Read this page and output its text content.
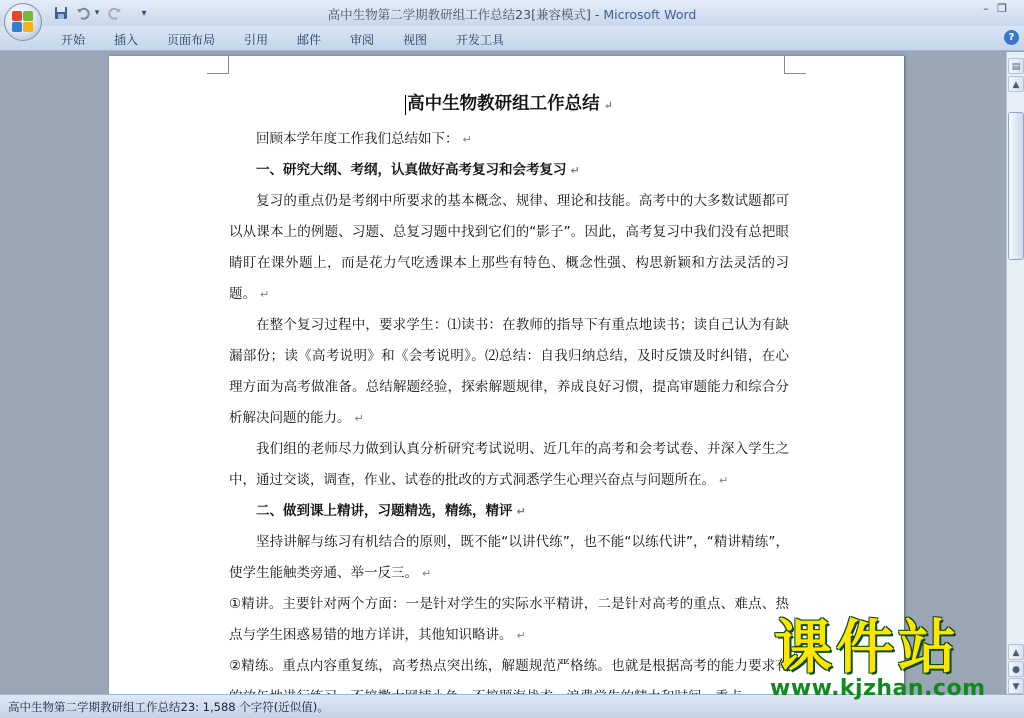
▾	▾	高中生物第二学期教研组工作总结23[兼容模式] - Microsoft Word	– ❐
开始 插入 页面布局 引用 邮件 审阅 视图 开发工具	?
高中生物教研组工作总结 ↵
回顾本学年度工作我们总结如下： ↵
一、研究大纲、考纲，认真做好高考复习和会考复习 ↵
复习的重点仍是考纲中所要求的基本概念、规律、理论和技能。高考中的大多数试题都可以从课本上的例题、习题、总复习题中找到它们的“影子”。因此，高考复习中我们没有总把眼睛盯在课外题上，而是花力气吃透课本上那些有特色、概念性强、构思新颖和方法灵活的习题。 ↵
在整个复习过程中，要求学生：⑴读书：在教师的指导下有重点地读书；读自己认为有缺漏部份；读《高考说明》和《会考说明》。⑵总结：自我归纳总结，及时反馈及时纠错，在心理方面为高考做准备。总结解题经验，探索解题规律，养成良好习惯，提高审题能力和综合分析解决问题的能力。 ↵
我们组的老师尽力做到认真分析研究考试说明、近几年的高考和会考试卷、并深入学生之中，通过交谈，调查，作业、试卷的批改的方式洞悉学生心理兴奋点与问题所在。 ↵
二、做到课上精讲，习题精选，精练，精评 ↵
坚持讲解与练习有机结合的原则，既不能“以讲代练”，也不能“以练代讲”，“精讲精练”，使学生能触类旁通、举一反三。 ↵
①精讲。主要针对两个方面：一是针对学生的实际水平精讲，二是针对高考的重点、难点、热点与学生困惑易错的地方详讲，其他知识略讲。 ↵
②精练。重点内容重复练，高考热点突出练，解题规范严格练。也就是根据高考的能力要求有
▤
▲
▲
●
▼
高中生物第二学期教研组工作总结23: 1,588 个字符(近似值)。
课件站
www.kjzhan.com
